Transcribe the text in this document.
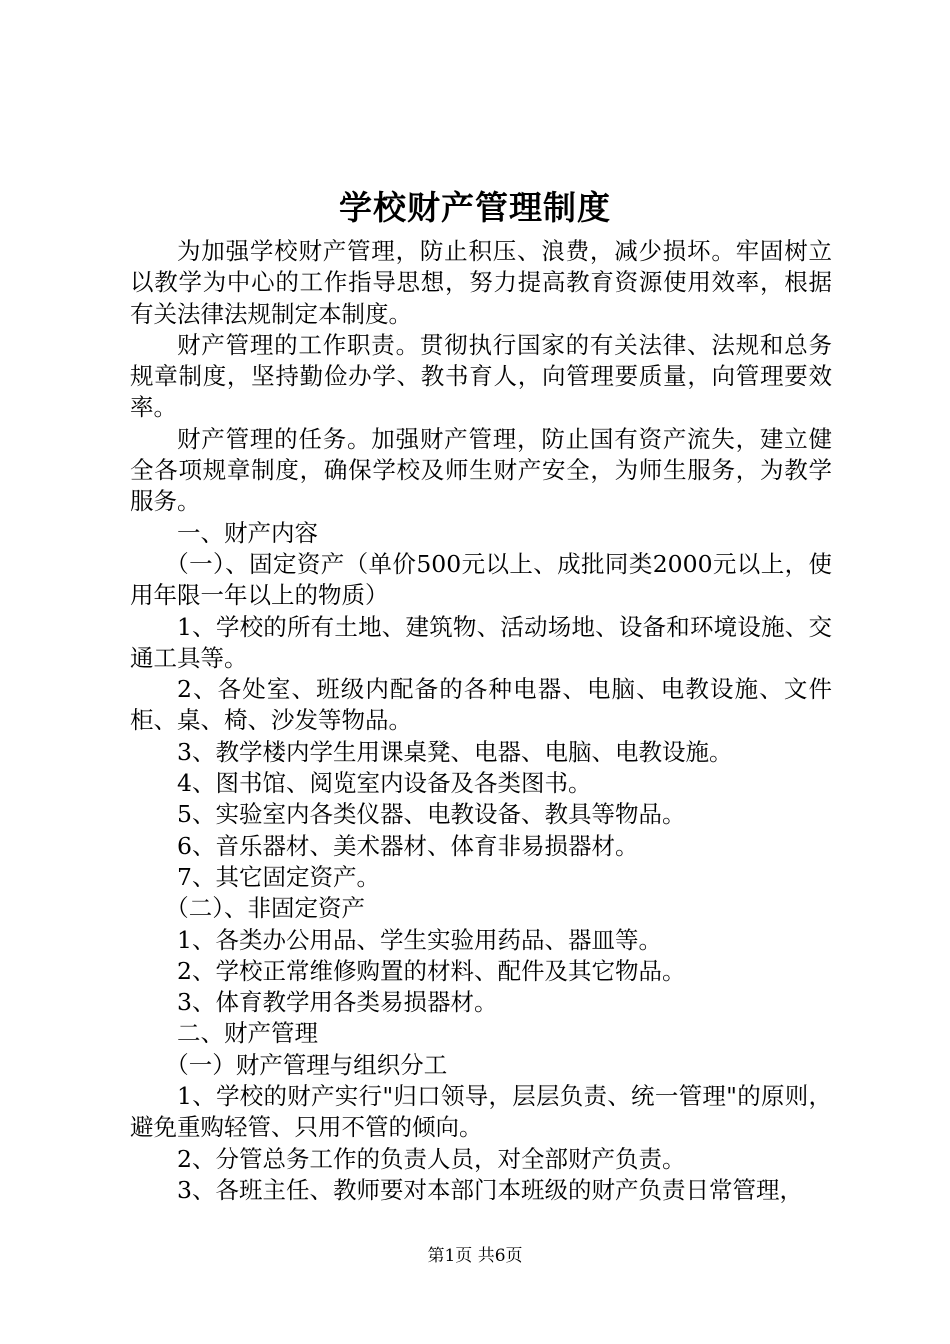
学校财产管理制度

为加强学校财产管理，防止积压、浪费，减少损坏。牢固树立以教学为中心的工作指导思想，努力提高教育资源使用效率，根据有关法律法规制定本制度。

财产管理的工作职责。贯彻执行国家的有关法律、法规和总务规章制度，坚持勤俭办学、教书育人，向管理要质量，向管理要效率。

财产管理的任务。加强财产管理，防止国有资产流失，建立健全各项规章制度，确保学校及师生财产安全，为师生服务，为教学服务。

一、财产内容

（一）、固定资产（单价500元以上、成批同类2000元以上，使用年限一年以上的物质）

1、学校的所有土地、建筑物、活动场地、设备和环境设施、交通工具等。

2、各处室、班级内配备的各种电器、电脑、电教设施、文件柜、桌、椅、沙发等物品。

3、教学楼内学生用课桌凳、电器、电脑、电教设施。

4、图书馆、阅览室内设备及各类图书。

5、实验室内各类仪器、电教设备、教具等物品。

6、音乐器材、美术器材、体育非易损器材。

7、其它固定资产。

（二）、非固定资产

1、各类办公用品、学生实验用药品、器皿等。

2、学校正常维修购置的材料、配件及其它物品。

3、体育教学用各类易损器材。

二、财产管理

（一）财产管理与组织分工

1、学校的财产实行"归口领导，层层负责、统一管理"的原则，避免重购轻管、只用不管的倾向。

2、分管总务工作的负责人员，对全部财产负责。

3、各班主任、教师要对本部门本班级的财产负责日常管理，

第1页 共6页
